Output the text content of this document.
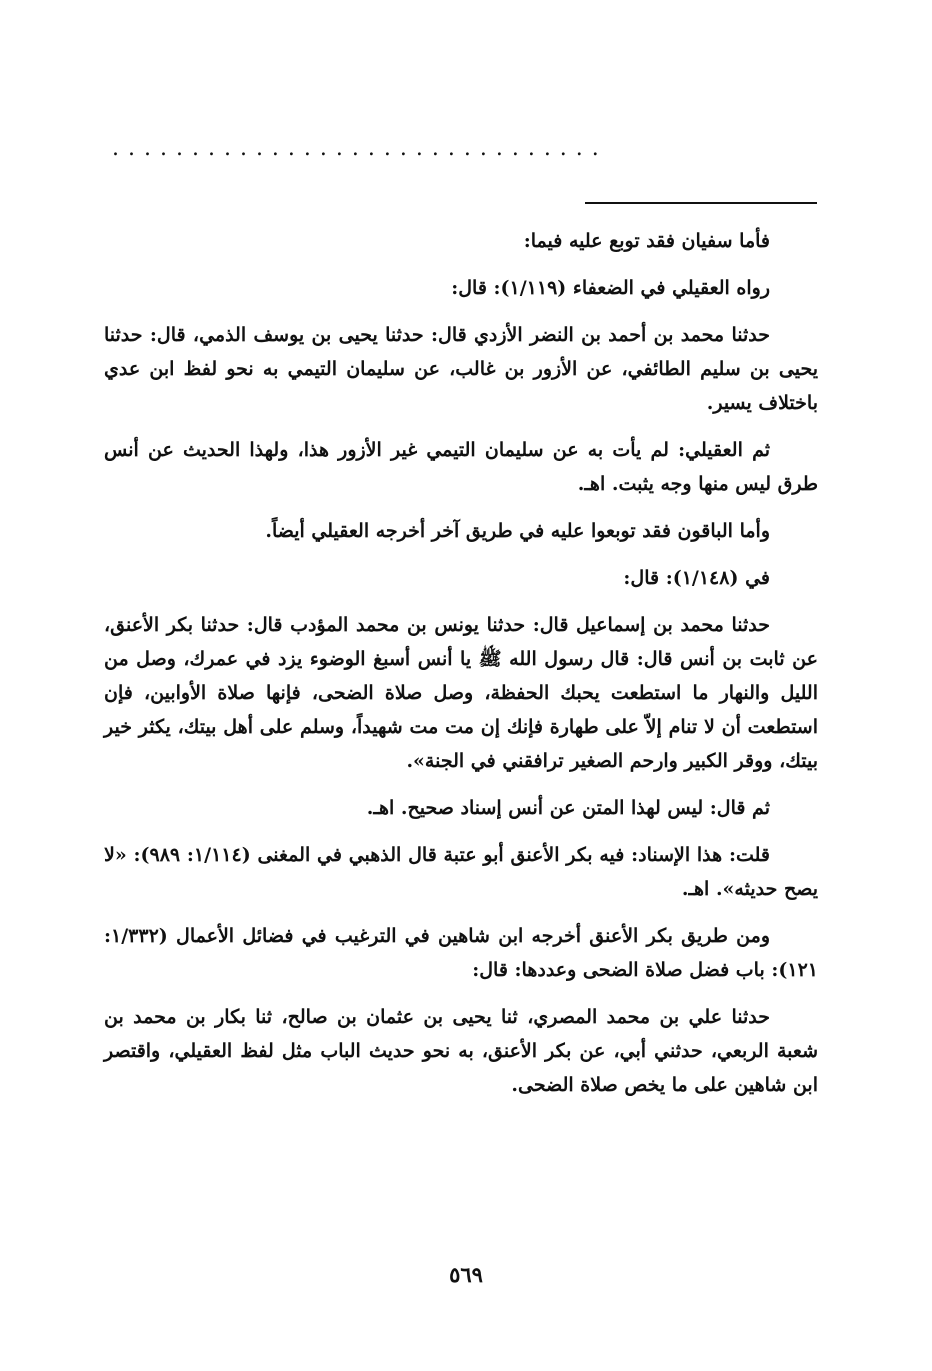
...............................

فأما سفيان فقد توبع عليه فيما:

رواه العقيلي في الضعفاء (١/١١٩): قال:

حدثنا محمد بن أحمد بن النضر الأزدي قال: حدثنا يحيى بن يوسف الذمي، قال: حدثنا يحيى بن سليم الطائفي، عن الأزور بن غالب، عن سليمان التيمي به نحو لفظ ابن عدي باختلاف يسير.

ثم العقيلي: لم يأت به عن سليمان التيمي غير الأزور هذا، ولهذا الحديث عن أنس طرق ليس منها وجه يثبت. اهـ.

وأما الباقون فقد توبعوا عليه في طريق آخر أخرجه العقيلي أيضاً.

في (١/١٤٨): قال:

حدثنا محمد بن إسماعيل قال: حدثنا يونس بن محمد المؤدب قال: حدثنا بكر الأعنق، عن ثابت بن أنس قال: قال رسول الله ﷺ يا أنس أسبغ الوضوء يزد في عمرك، وصل من الليل والنهار ما استطعت يحبك الحفظة، وصل صلاة الضحى، فإنها صلاة الأوابين، فإن استطعت أن لا تنام إلاّ على طهارة فإنك إن مت مت شهيداً، وسلم على أهل بيتك، يكثر خير بيتك، ووقر الكبير وارحم الصغير ترافقني في الجنة».

ثم قال: ليس لهذا المتن عن أنس إسناد صحيح. اهـ.

قلت: هذا الإسناد: فيه بكر الأعنق أبو عتبة قال الذهبي في المغنى (١/١١٤: ٩٨٩): «لا يصح حديثه». اهـ.

ومن طريق بكر الأعنق أخرجه ابن شاهين في الترغيب في فضائل الأعمال (١/٣٣٢: ١٢١): باب فضل صلاة الضحى وعددها: قال:

حدثنا علي بن محمد المصري، ثنا يحيى بن عثمان بن صالح، ثنا بكار بن محمد بن شعبة الربعي، حدثني أبي، عن بكر الأعنق، به نحو حديث الباب مثل لفظ العقيلي، واقتصر ابن شاهين على ما يخص صلاة الضحى.

٥٦٩
